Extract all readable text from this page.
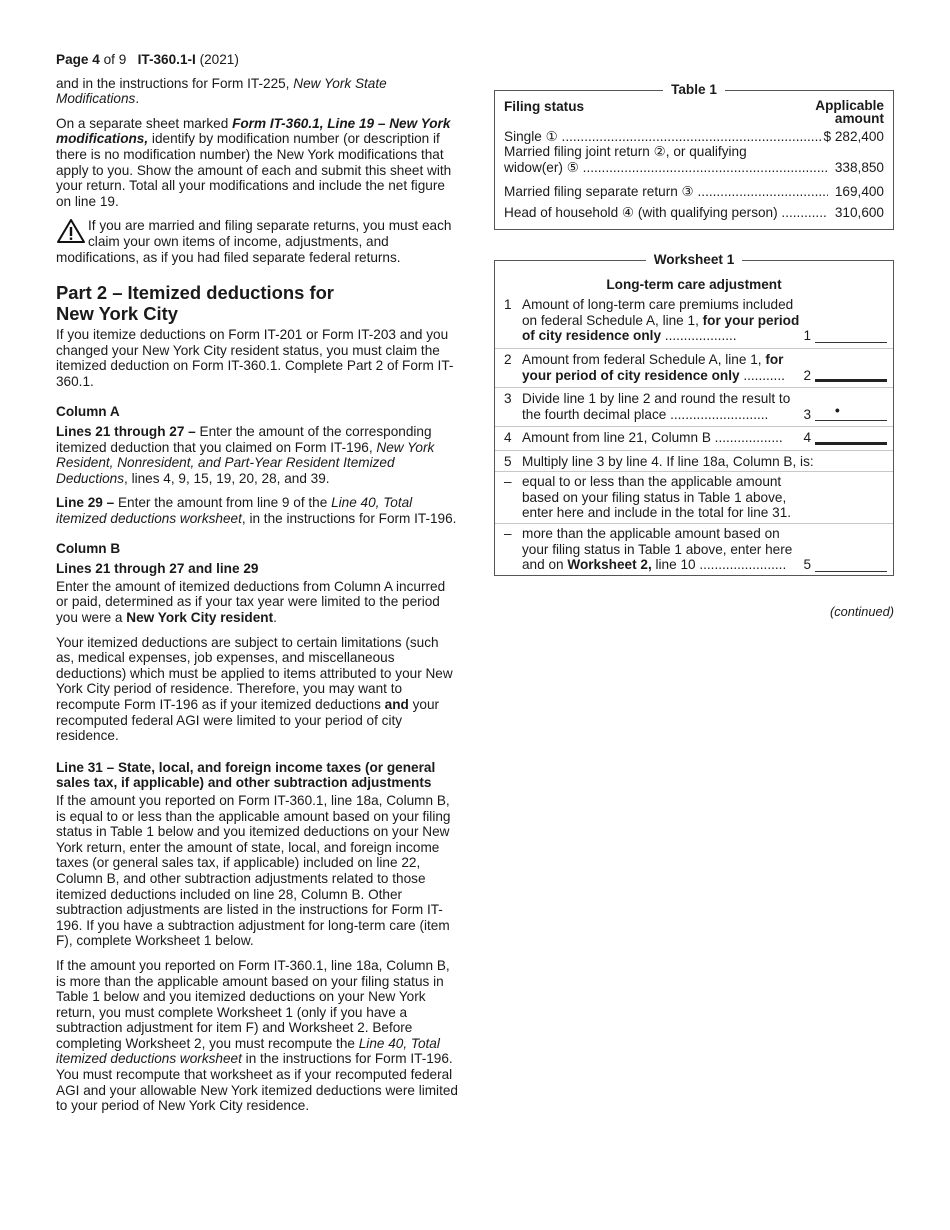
Page 4 of 9 IT-360.1-I (2021)

and in the instructions for Form IT-225, New York State Modifications.

On a separate sheet marked Form IT-360.1, Line 19 – New York modifications, identify by modification number (or description if there is no modification number) the New York modifications that apply to you. Show the amount of each and submit this sheet with your return. Total all your modifications and include the net figure on line 19.

If you are married and filing separate returns, you must each claim your own items of income, adjustments, and modifications, as if you had filed separate federal returns.
Part 2 – Itemized deductions for New York City

If you itemize deductions on Form IT-201 or Form IT-203 and you changed your New York City resident status, you must claim the itemized deduction on Form IT-360.1. Complete Part 2 of Form IT-360.1.

Column A

Lines 21 through 27 – Enter the amount of the corresponding itemized deduction that you claimed on Form IT-196, New York Resident, Nonresident, and Part-Year Resident Itemized Deductions, lines 4, 9, 15, 19, 20, 28, and 39.

Line 29 – Enter the amount from line 9 of the Line 40, Total itemized deductions worksheet, in the instructions for Form IT-196.

Column B
Lines 21 through 27 and line 29

Enter the amount of itemized deductions from Column A incurred or paid, determined as if your tax year were limited to the period you were a New York City resident.

Your itemized deductions are subject to certain limitations (such as, medical expenses, job expenses, and miscellaneous deductions) which must be applied to items attributed to your New York City period of residence. Therefore, you may want to recompute Form IT-196 as if your itemized deductions and your recomputed federal AGI were limited to your period of city residence.

Line 31 – State, local, and foreign income taxes (or general sales tax, if applicable) and other subtraction adjustments

If the amount you reported on Form IT-360.1, line 18a, Column B, is equal to or less than the applicable amount based on your filing status in Table 1 below and you itemized deductions on your New York return, enter the amount of state, local, and foreign income taxes (or general sales tax, if applicable) included on line 22, Column B, and other subtraction adjustments related to those itemized deductions included on line 28, Column B. Other subtraction adjustments are listed in the instructions for Form IT-196. If you have a subtraction adjustment for long-term care (item F), complete Worksheet 1 below.

If the amount you reported on Form IT-360.1, line 18a, Column B, is more than the applicable amount based on your filing status in Table 1 below and you itemized deductions on your New York return, you must complete Worksheet 1 (only if you have a subtraction adjustment for item F) and Worksheet 2. Before completing Worksheet 2, you must recompute the Line 40, Total itemized deductions worksheet in the instructions for Form IT-196. You must recompute that worksheet as if your recomputed federal AGI and your allowable New York itemized deductions were limited to your period of New York City residence.

Table 1
Filing status	Applicable
amount
Single ① .....	$ 282,400
Married filing joint return ②, or qualifying
widow(er) ⑤ .....	338,850
Married filing separate return ③ .....	169,400
Head of household ④ (with qualifying person) .....	310,600
Worksheet 1
Long-term care adjustment
1 Amount of long-term care premiums included on federal Schedule A, line 1, for your period of city residence only ...................	1
2 Amount from federal Schedule A, line 1, for your period of city residence only ...........	2
3 Divide line 1 by line 2 and round the result to the fourth decimal place ..........................	3 •
4 Amount from line 21, Column B ..................	4
5 Multiply line 3 by line 4. If line 18a, Column B, is:
– equal to or less than the applicable amount based on your filing status in Table 1 above, enter here and include in the total for line 31.
– more than the applicable amount based on your filing status in Table 1 above, enter here and on Worksheet 2, line 10 .......................	5
(continued)
